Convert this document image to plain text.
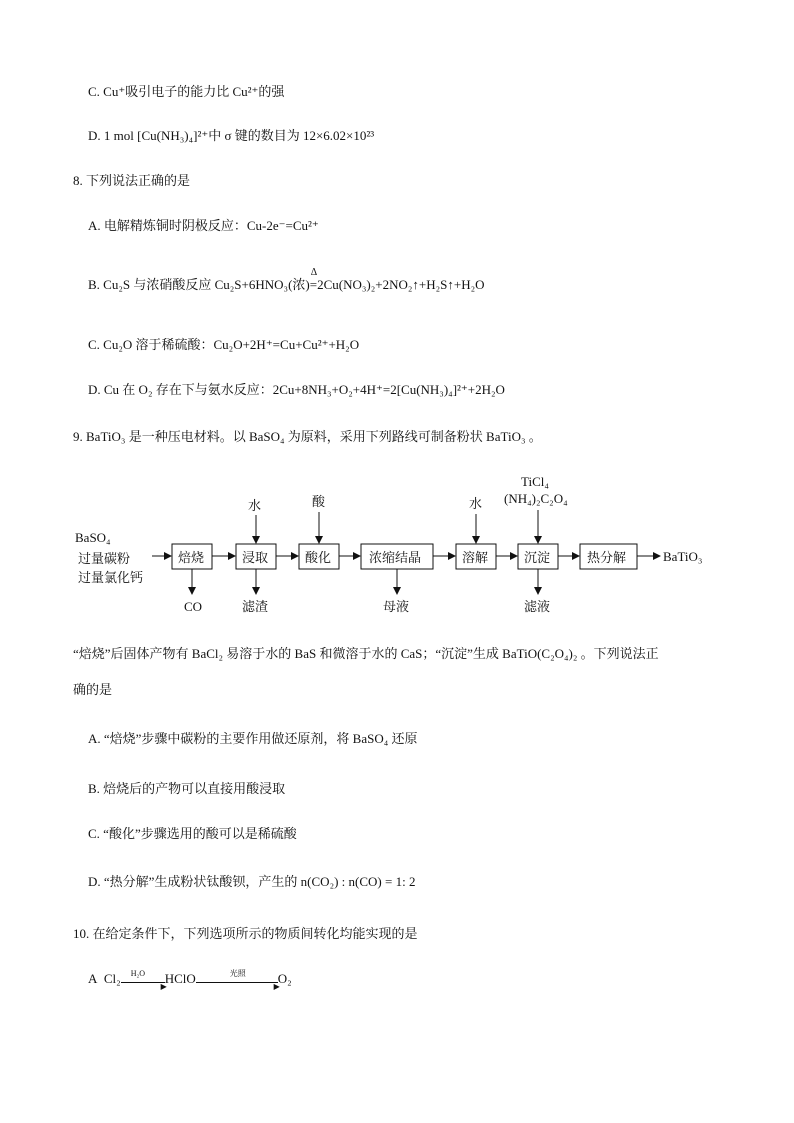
C. Cu⁺吸引电子的能力比 Cu²⁺的强
D. 1 mol [Cu(NH₃)₄]²⁺中 σ 键的数目为 12×6.02×10²³
8. 下列说法正确的是
A. 电解精炼铜时阴极反应：Cu-2e⁻=Cu²⁺
B. Cu₂S 与浓硝酸反应 Cu₂S+6HNO₃(浓)
Δ
=2Cu(NO₃)₂+2NO₂↑+H₂S↑+H₂O
C. Cu₂O 溶于稀硫酸：Cu₂O+2H⁺=Cu+Cu²⁺+H₂O
D. Cu 在 O₂ 存在下与氨水反应：2Cu+8NH₃+O₂+4H⁺=2[Cu(NH₃)₄]²⁺+2H₂O
9. BaTiO₃ 是一种压电材料。以 BaSO₄ 为原料，采用下列路线可制备粉状 BaTiO₃ 。
BaSO₄
过量碳粉
过量氯化钙
焙烧	浸取	酸化	浓缩结晶	溶解	沉淀	热分解	BaTiO₃
水	酸	水
TiCl₄
(NH₄)₂C₂O₄
CO	滤渣	母液	滤液
“焙烧”后固体产物有 BaCl₂ 易溶于水的 BaS 和微溶于水的 CaS；“沉淀”生成 BaTiO(C₂O₄)₂ 。下列说法正
确的是
A. “焙烧”步骤中碳粉的主要作用做还原剂，将 BaSO₄ 还原
B. 焙烧后的产物可以直接用酸浸取
C. “酸化”步骤选用的酸可以是稀硫酸
D. “热分解”生成粉状钛酸钡，产生的 n(CO₂) : n(CO) = 1: 2
10. 在给定条件下，下列选项所示的物质间转化均能实现的是
A Cl₂ H₂O
▶
HClO	光照
▶
O₂
